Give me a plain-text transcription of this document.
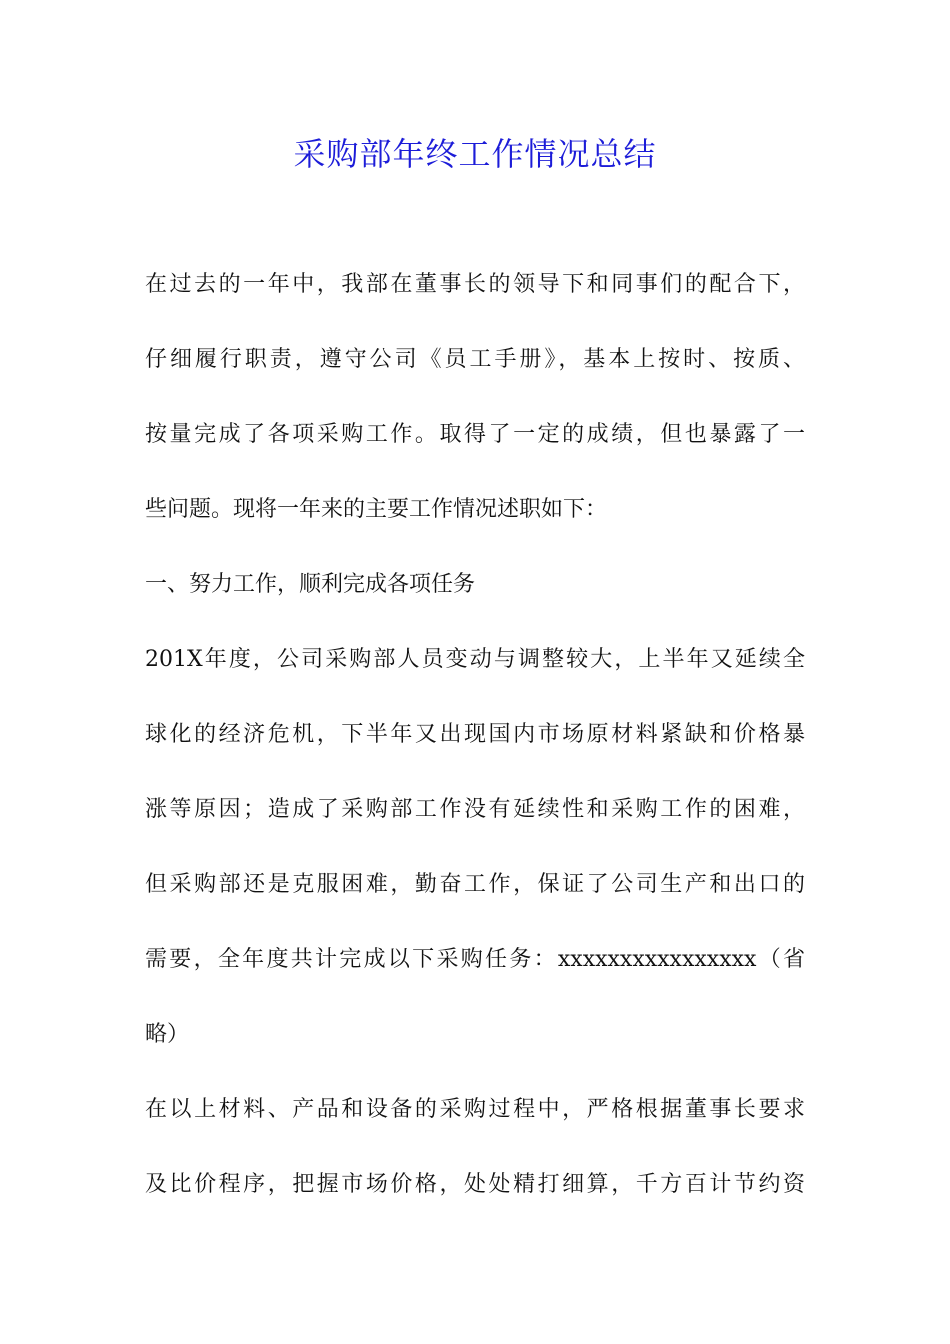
采购部年终工作情况总结
在过去的一年中，我部在董事长的领导下和同事们的配合下，
仔细履行职责，遵守公司《员工手册》，基本上按时、按质、
按量完成了各项采购工作。取得了一定的成绩，但也暴露了一
些问题。现将一年来的主要工作情况述职如下：
一、努力工作，顺利完成各项任务
201X年度，公司采购部人员变动与调整较大，上半年又延续全
球化的经济危机，下半年又出现国内市场原材料紧缺和价格暴
涨等原因；造成了采购部工作没有延续性和采购工作的困难，
但采购部还是克服困难，勤奋工作，保证了公司生产和出口的
需要，全年度共计完成以下采购任务：xxxxxxxxxxxxxxxx（省
略）
在以上材料、产品和设备的采购过程中，严格根据董事长要求
及比价程序，把握市场价格，处处精打细算，千方百计节约资
